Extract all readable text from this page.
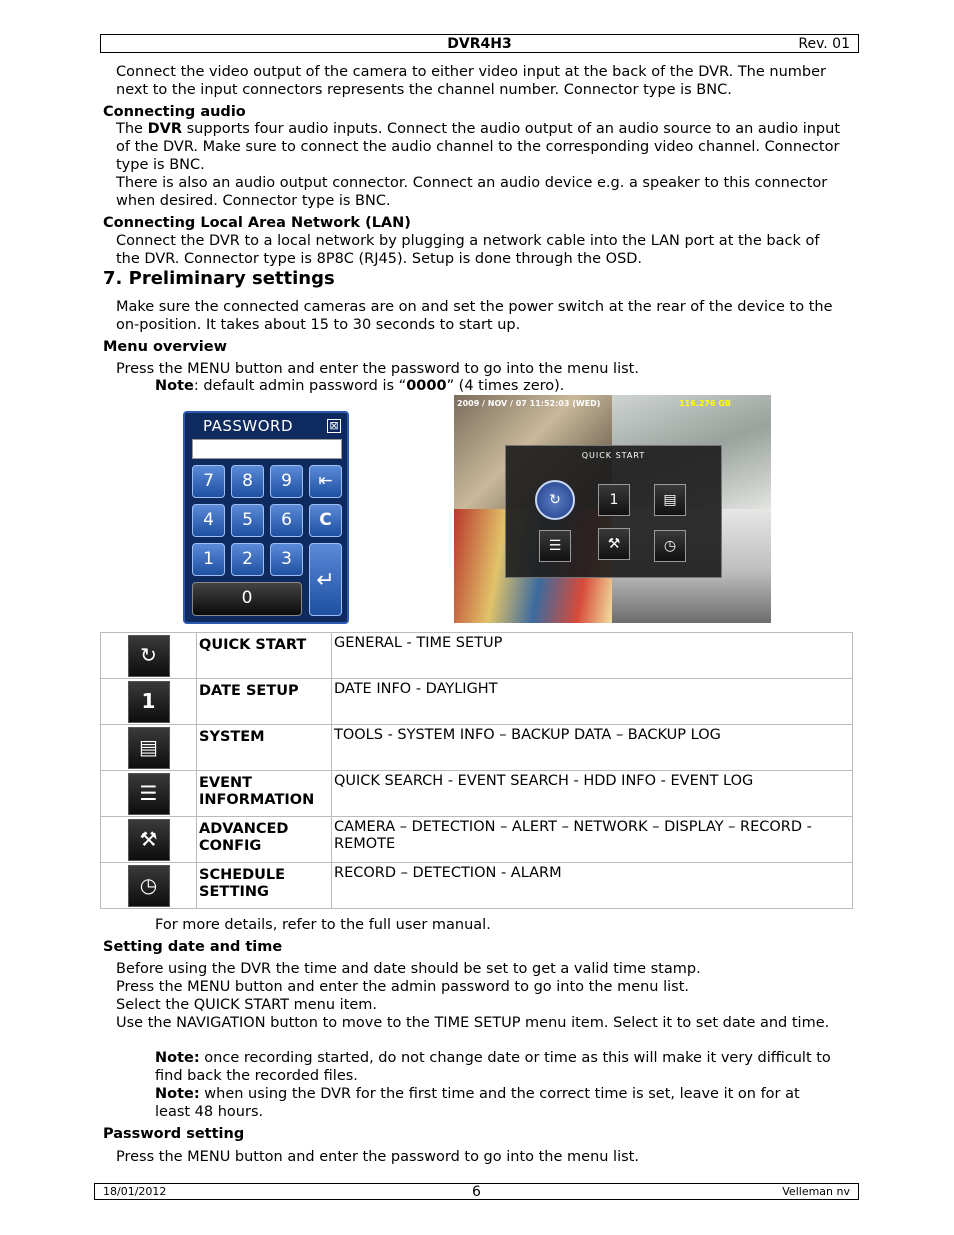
DVR4H3	Rev. 01

Connect the video output of the camera to either video input at the back of the DVR. The number next to the input connectors represents the channel number. Connector type is BNC.

Connecting audio

The DVR supports four audio inputs. Connect the audio output of an audio source to an audio input of the DVR. Make sure to connect the audio channel to the corresponding video channel. Connector type is BNC.

There is also an audio output connector. Connect an audio device e.g. a speaker to this connector when desired. Connector type is BNC.

Connecting Local Area Network (LAN)

Connect the DVR to a local network by plugging a network cable into the LAN port at the back of the DVR. Connector type is 8P8C (RJ45). Setup is done through the OSD.

7. Preliminary settings

Make sure the connected cameras are on and set the power switch at the rear of the device to the on-position. It takes about 15 to 30 seconds to start up.

Menu overview

Press the MENU button and enter the password to go into the menu list.

Note: default admin password is “0000” (4 times zero).

PASSWORD	⊠
7	8	9	⇤
4	5	6	C
1	2	3
↵
0
2009 / NOV / 07 11:52:03 (WED)	116.276 GB
QUICK START
↻	1	▤
☰	⚒	◷
↻	QUICK START	GENERAL - TIME SETUP

1	DATE SETUP	DATE INFO - DAYLIGHT

▤	SYSTEM	TOOLS - SYSTEM INFO – BACKUP DATA – BACKUP LOG

☰	EVENT INFORMATION	QUICK SEARCH - EVENT SEARCH - HDD INFO - EVENT LOG

⚒	ADVANCED CONFIG	CAMERA – DETECTION – ALERT – NETWORK – DISPLAY – RECORD - REMOTE

◷	SCHEDULE SETTING	RECORD – DETECTION - ALARM

For more details, refer to the full user manual.

Setting date and time

Before using the DVR the time and date should be set to get a valid time stamp.

Press the MENU button and enter the admin password to go into the menu list.

Select the QUICK START menu item.

Use the NAVIGATION button to move to the TIME SETUP menu item. Select it to set date and time.

Note: once recording started, do not change date or time as this will make it very difficult to find back the recorded files.

Note: when using the DVR for the first time and the correct time is set, leave it on for at least 48 hours.

Password setting

Press the MENU button and enter the password to go into the menu list.

18/01/2012	6	Velleman nv
